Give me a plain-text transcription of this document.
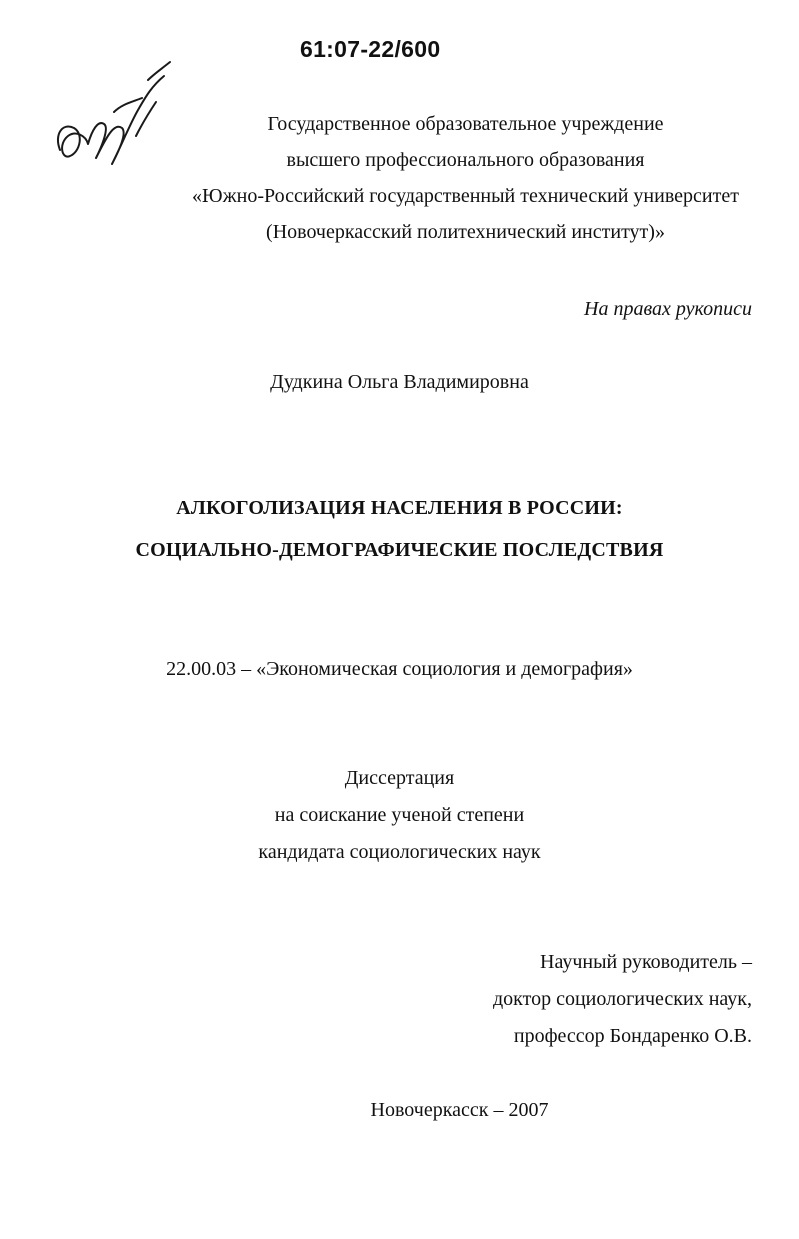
61:07-22/600
Государственное образовательное учреждение
высшего профессионального образования
«Южно-Российский государственный технический университет
(Новочеркасский политехнический институт)»
На правах рукописи
Дудкина Ольга Владимировна
АЛКОГОЛИЗАЦИЯ НАСЕЛЕНИЯ В РОССИИ:
СОЦИАЛЬНО-ДЕМОГРАФИЧЕСКИЕ ПОСЛЕДСТВИЯ
22.00.03 – «Экономическая социология и демография»
Диссертация
на соискание ученой степени
кандидата социологических наук
Научный руководитель –
доктор социологических наук,
профессор Бондаренко О.В.
Новочеркасск – 2007
